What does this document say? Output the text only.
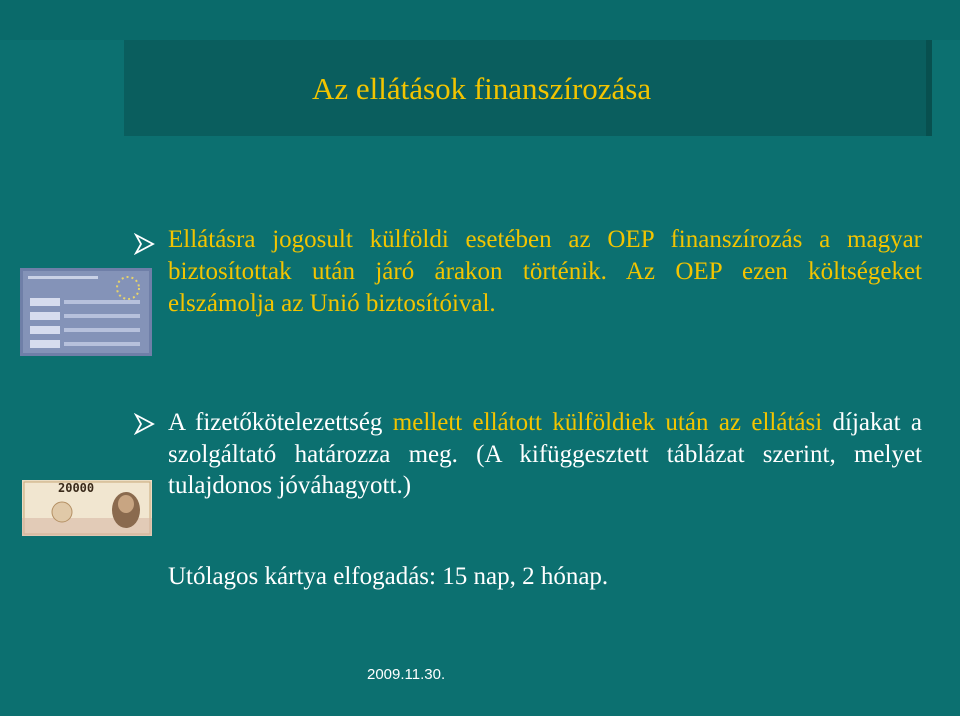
Az ellátások finanszírozása
Ellátásra jogosult külföldi esetében az OEP finanszírozás a magyar biztosítottak után járó árakon történik. Az OEP ezen költségeket elszámolja az Unió biztosítóival.
A fizetőkötelezettség mellett ellátott külföldiek után az ellátási díjakat a szolgáltató határozza meg. (A kifüggesztett táblázat szerint, melyet tulajdonos jóváhagyott.)
Utólagos kártya elfogadás: 15 nap, 2 hónap.
20000
2009.11.30.
